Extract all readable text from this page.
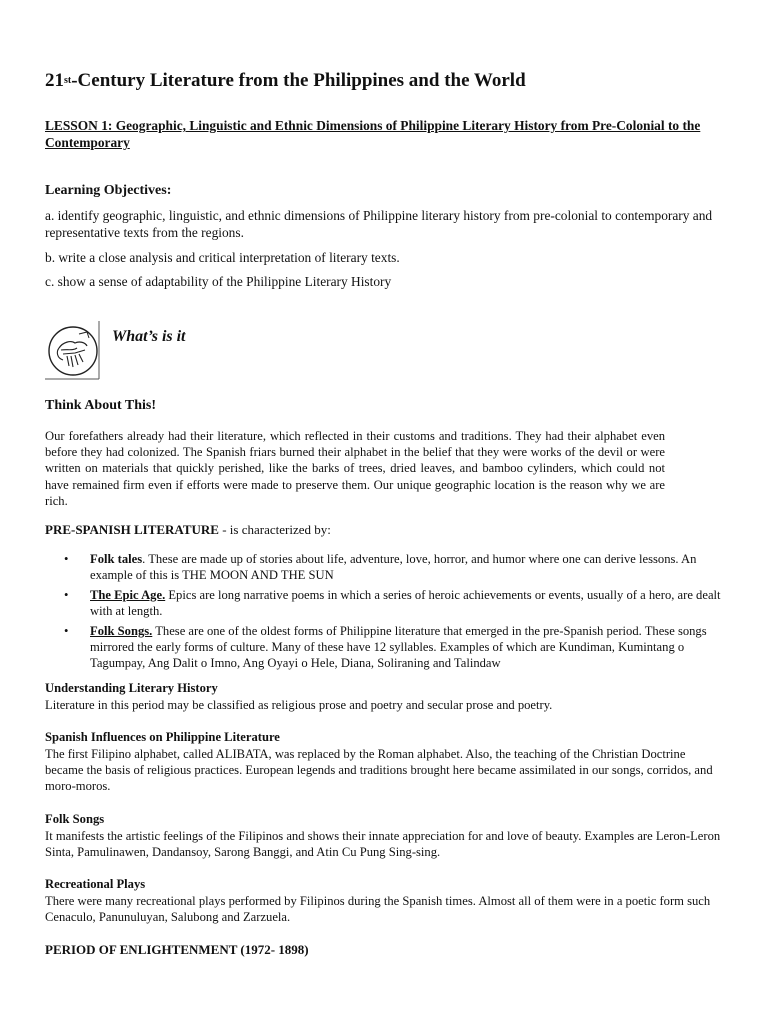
21st-Century Literature from the Philippines and the World
LESSON 1: Geographic, Linguistic and Ethnic Dimensions of Philippine Literary History from Pre-Colonial to the Contemporary
Learning Objectives:
a. identify geographic, linguistic, and ethnic dimensions of Philippine literary history from pre-colonial to contemporary and representative texts from the regions.
b. write a close analysis and critical interpretation of literary texts.
c. show a sense of adaptability of the Philippine Literary History
What’s is it
Think About This!
Our forefathers already had their literature, which reflected in their customs and traditions. They had their alphabet even before they had colonized. The Spanish friars burned their alphabet in the belief that they were works of the devil or were written on materials that quickly perished, like the barks of trees, dried leaves, and bamboo cylinders, which could not have remained firm even if efforts were made to preserve them. Our unique geographic location is the reason why we are rich.
PRE-SPANISH LITERATURE - is characterized by:
• Folk tales. These are made up of stories about life, adventure, love, horror, and humor where one can derive lessons. An example of this is THE MOON AND THE SUN
• The Epic Age. Epics are long narrative poems in which a series of heroic achievements or events, usually of a hero, are dealt with at length.
• Folk Songs. These are one of the oldest forms of Philippine literature that emerged in the pre-Spanish period. These songs mirrored the early forms of culture. Many of these have 12 syllables. Examples of which are Kundiman, Kumintang o Tagumpay, Ang Dalit o Imno, Ang Oyayi o Hele, Diana, Soliraning and Talindaw
Understanding Literary History
Literature in this period may be classified as religious prose and poetry and secular prose and poetry.
Spanish Influences on Philippine Literature
The first Filipino alphabet, called ALIBATA, was replaced by the Roman alphabet. Also, the teaching of the Christian Doctrine became the basis of religious practices. European legends and traditions brought here became assimilated in our songs, corridos, and moro-moros.
Folk Songs
It manifests the artistic feelings of the Filipinos and shows their innate appreciation for and love of beauty. Examples are Leron-Leron Sinta, Pamulinawen, Dandansoy, Sarong Banggi, and Atin Cu Pung Sing-sing.
Recreational Plays
There were many recreational plays performed by Filipinos during the Spanish times. Almost all of them were in a poetic form such Cenaculo, Panunuluyan, Salubong and Zarzuela.
PERIOD OF ENLIGHTENMENT (1972- 1898)
